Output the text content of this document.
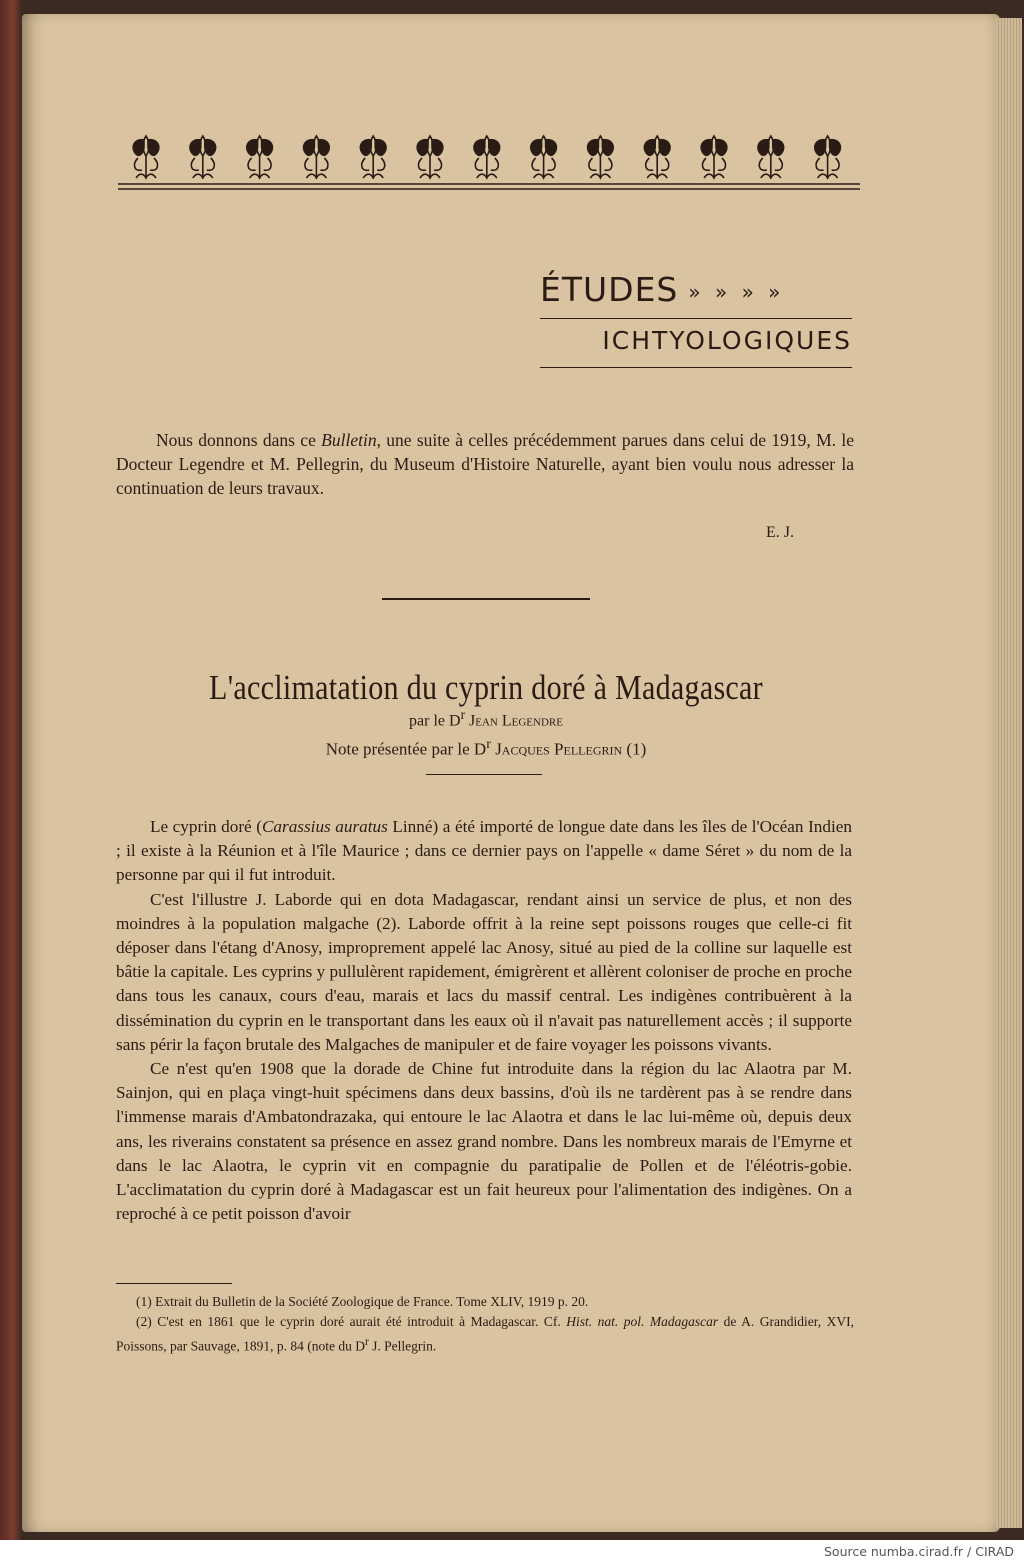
ÉTUDES » » » »
ICHTYOLOGIQUES

Nous donnons dans ce Bulletin, une suite à celles précédemment parues dans celui de 1919, M. le Docteur Legendre et M. Pellegrin, du Museum d'Histoire Naturelle, ayant bien voulu nous adresser la continuation de leurs travaux.

E. J.
L'acclimatation du cyprin doré à Madagascar
par le $D^r$ Jean Legendre
Note présentée par le $D^r$ Jacques Pellegrin (1)

Le cyprin doré (Carassius auratus Linné) a été importé de longue date dans les îles de l'Océan Indien ; il existe à la Réunion et à l'île Maurice ; dans ce dernier pays on l'appelle « dame Séret » du nom de la personne par qui il fut introduit.

C'est l'illustre J. Laborde qui en dota Madagascar, rendant ainsi un service de plus, et non des moindres à la population malgache (2). Laborde offrit à la reine sept poissons rouges que celle-ci fit déposer dans l'étang d'Anosy, improprement appelé lac Anosy, situé au pied de la colline sur laquelle est bâtie la capitale. Les cyprins y pullulèrent rapidement, émigrèrent et allèrent coloniser de proche en proche dans tous les canaux, cours d'eau, marais et lacs du massif central. Les indigènes contribuèrent à la dissémination du cyprin en le transportant dans les eaux où il n'avait pas naturellement accès ; il supporte sans périr la façon brutale des Malgaches de manipuler et de faire voyager les poissons vivants.

Ce n'est qu'en 1908 que la dorade de Chine fut introduite dans la région du lac Alaotra par M. Sainjon, qui en plaça vingt-huit spécimens dans deux bassins, d'où ils ne tardèrent pas à se rendre dans l'immense marais d'Ambatondrazaka, qui entoure le lac Alaotra et dans le lac lui-même où, depuis deux ans, les riverains constatent sa présence en assez grand nombre. Dans les nombreux marais de l'Emyrne et dans le lac Alaotra, le cyprin vit en compagnie du paratipalie de Pollen et de l'éléotris-gobie. L'acclimatation du cyprin doré à Madagascar est un fait heureux pour l'alimentation des indigènes. On a reproché à ce petit poisson d'avoir

(1) Extrait du Bulletin de la Société Zoologique de France. Tome XLIV, 1919 p. 20.

(2) C'est en 1861 que le cyprin doré aurait été introduit à Madagascar. Cf. Hist. nat. pol. Madagascar de A. Grandidier, XVI, Poissons, par Sauvage, 1891, p. 84 (note du $D^r$ J. Pellegrin.

Source numba.cirad.fr / CIRAD
